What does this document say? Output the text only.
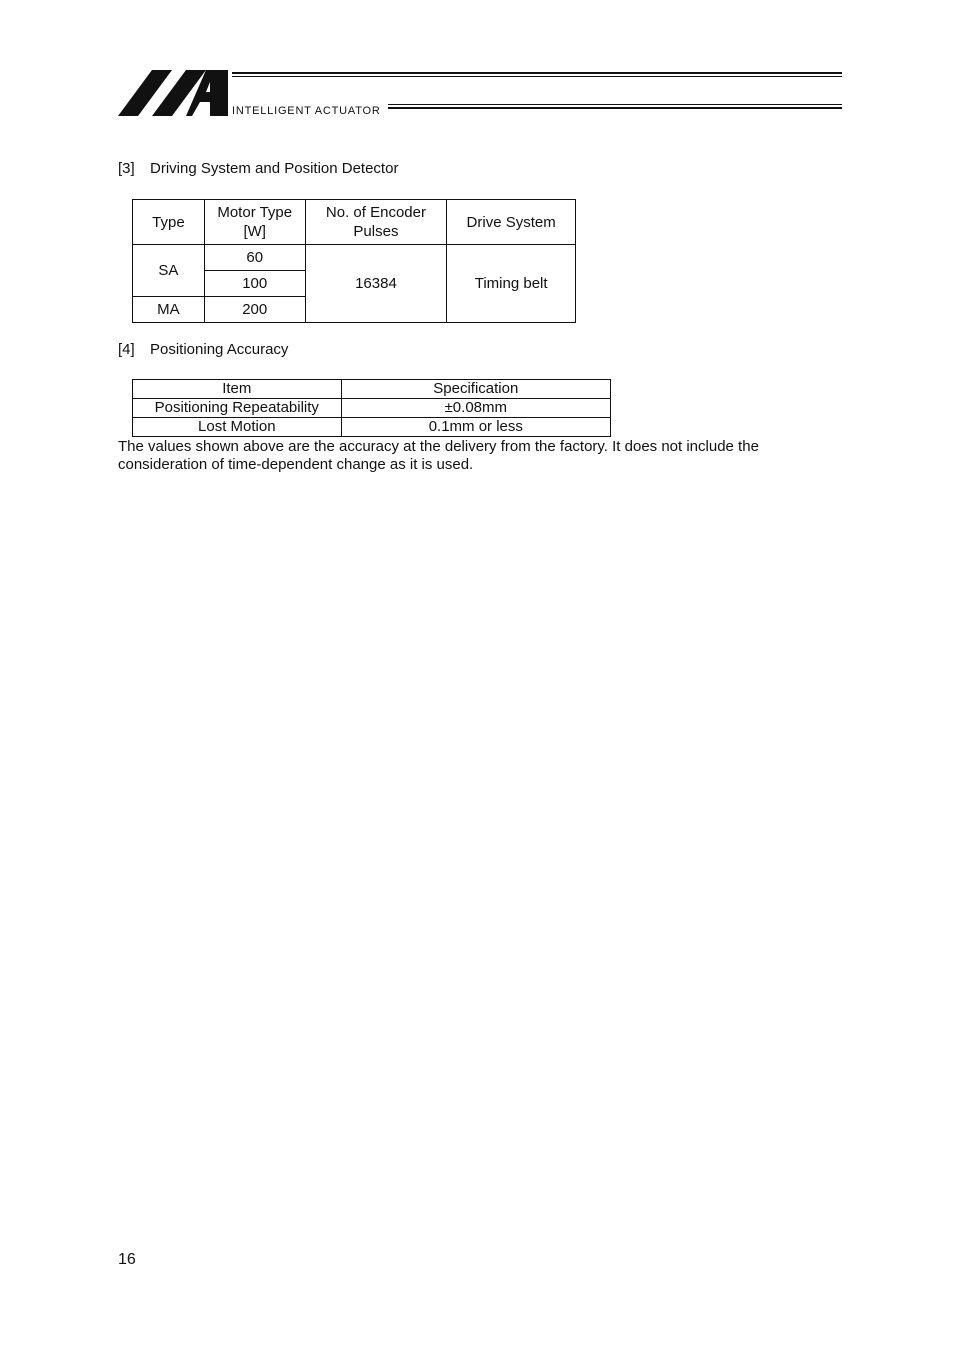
INTELLIGENT ACTUATOR
[3] Driving System and Position Detector
Type	Motor Type [W]	No. of Encoder Pulses	Drive System
SA	60	16384	Timing belt
	100		
MA	200		
[4] Positioning Accuracy
Item	Specification
Positioning Repeatability	±0.08mm
Lost Motion	0.1mm or less
The values shown above are the accuracy at the delivery from the factory. It does not include the consideration of time-dependent change as it is used.
16
